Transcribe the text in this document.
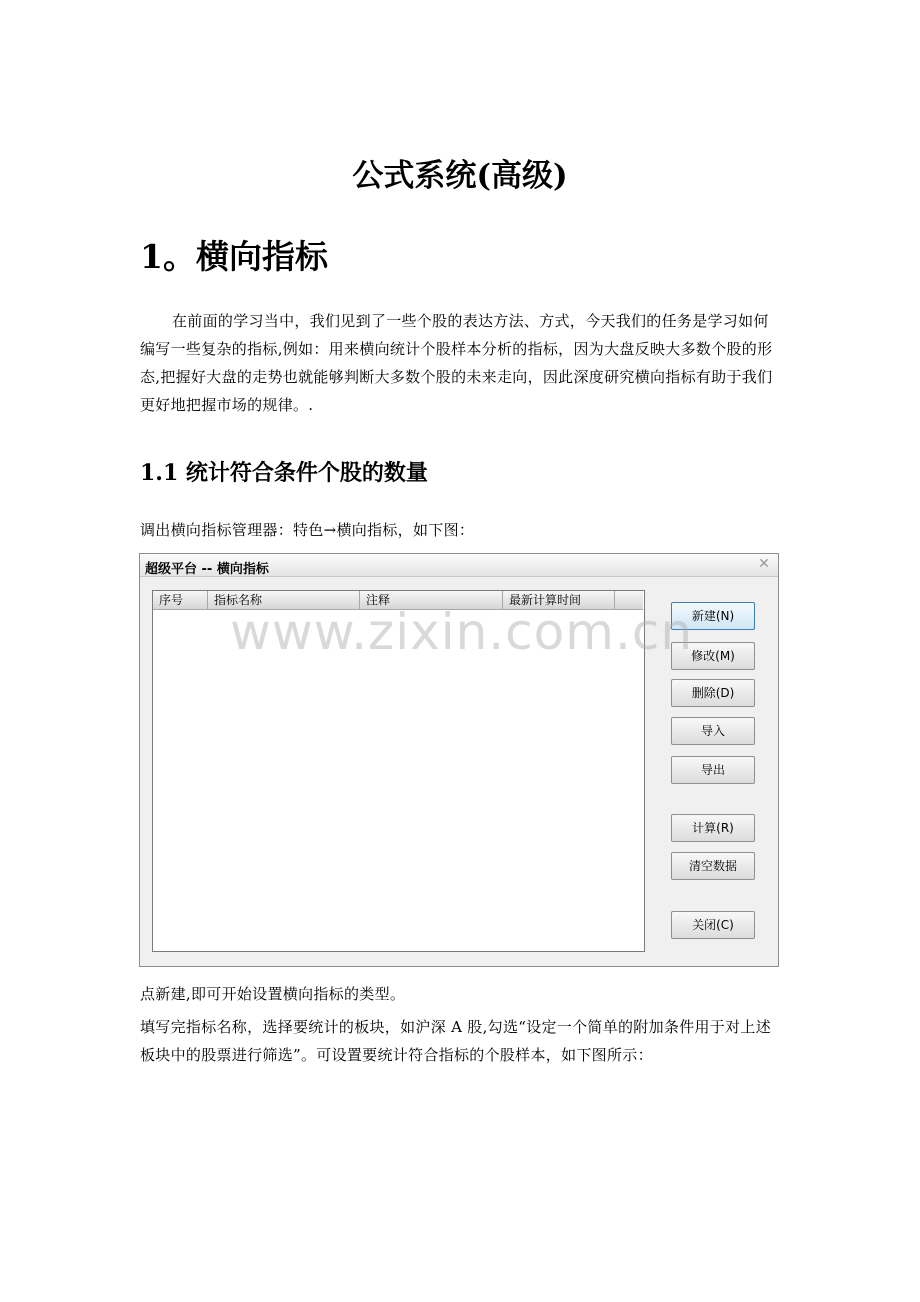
公式系统(高级)
1。横向指标
在前面的学习当中，我们见到了一些个股的表达方法、方式，今天我们的任务是学习如何编写一些复杂的指标,例如：用来横向统计个股样本分析的指标，因为大盘反映大多数个股的形态,把握好大盘的走势也就能够判断大多数个股的未来走向，因此深度研究横向指标有助于我们更好地把握市场的规律。.
1.1 统计符合条件个股的数量
调出横向指标管理器：特色→横向指标，如下图：
超级平台 -- 横向指标	✕
序号	指标名称	注释	最新计算时间
新建(N)
修改(M)
删除(D)
导入
导出
计算(R)
清空数据
关闭(C)
www.zixin.com.cn
点新建,即可开始设置横向指标的类型。
填写完指标名称，选择要统计的板块，如沪深 A 股,勾选“设定一个简单的附加条件用于对上述板块中的股票进行筛选”。可设置要统计符合指标的个股样本，如下图所示：
